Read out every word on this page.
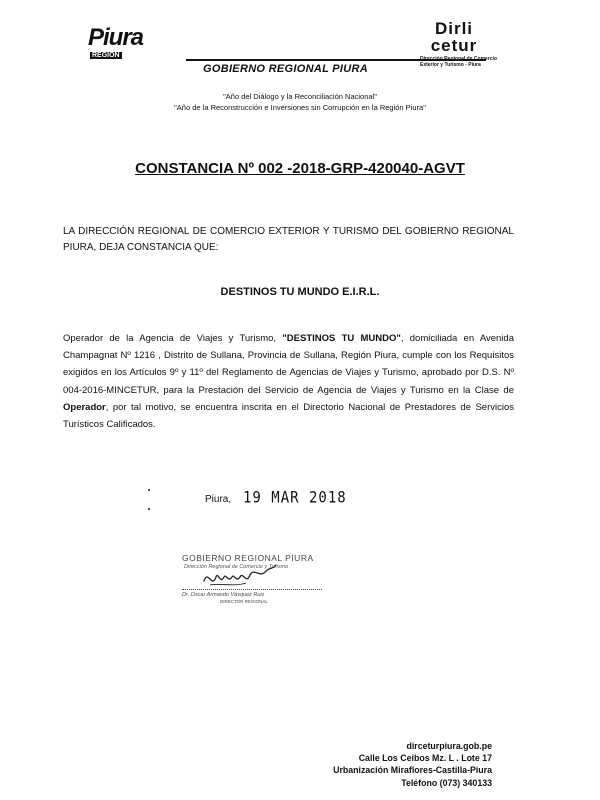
Piura
REGIÓN
Dirli cetur
Dirección Regional de Comercio
Exterior y Turismo - Piura
GOBIERNO REGIONAL PIURA
"Año del Diálogo y la Reconciliación Nacional"
"Año de la Reconstrucción e Inversiones sin Corrupción en la Región Piura"
CONSTANCIA Nº 002 -2018-GRP-420040-AGVT
LA DIRECCIÓN REGIONAL DE COMERCIO EXTERIOR Y TURISMO DEL GOBIERNO REGIONAL PIURA, DEJA CONSTANCIA QUE:
DESTINOS TU MUNDO E.I.R.L.

Operador de la Agencia de Viajes y Turismo, "DESTINOS TU MUNDO", domiciliada en Avenida Champagnat Nº 1216 , Distrito de Sullana, Provincia de Sullana, Región Piura, cumple con los Requisitos exigidos en los Artículos 9º y 11º del Reglamento de Agencias de Viajes y Turismo, aprobado por D.S. Nº 004-2016-MINCETUR, para la Prestación del Servicio de Agencia de Viajes y Turismo en la Clase de Operador, por tal motivo, se encuentra inscrita en el Directorio Nacional de Prestadores de Servicios Turísticos Calificados.

Piura, 19 MAR 2018
GOBIERNO REGIONAL PIURA
Dirección Regional de Comercio y Turismo
Dr. Oscar Armando Vásquez Ruiz
DIRECTOR REGIONAL
dirceturpiura.gob.pe
Calle Los Ceibos Mz. L . Lote 17
Urbanización Miraflores-Castilla-Piura
Teléfono (073) 340133
